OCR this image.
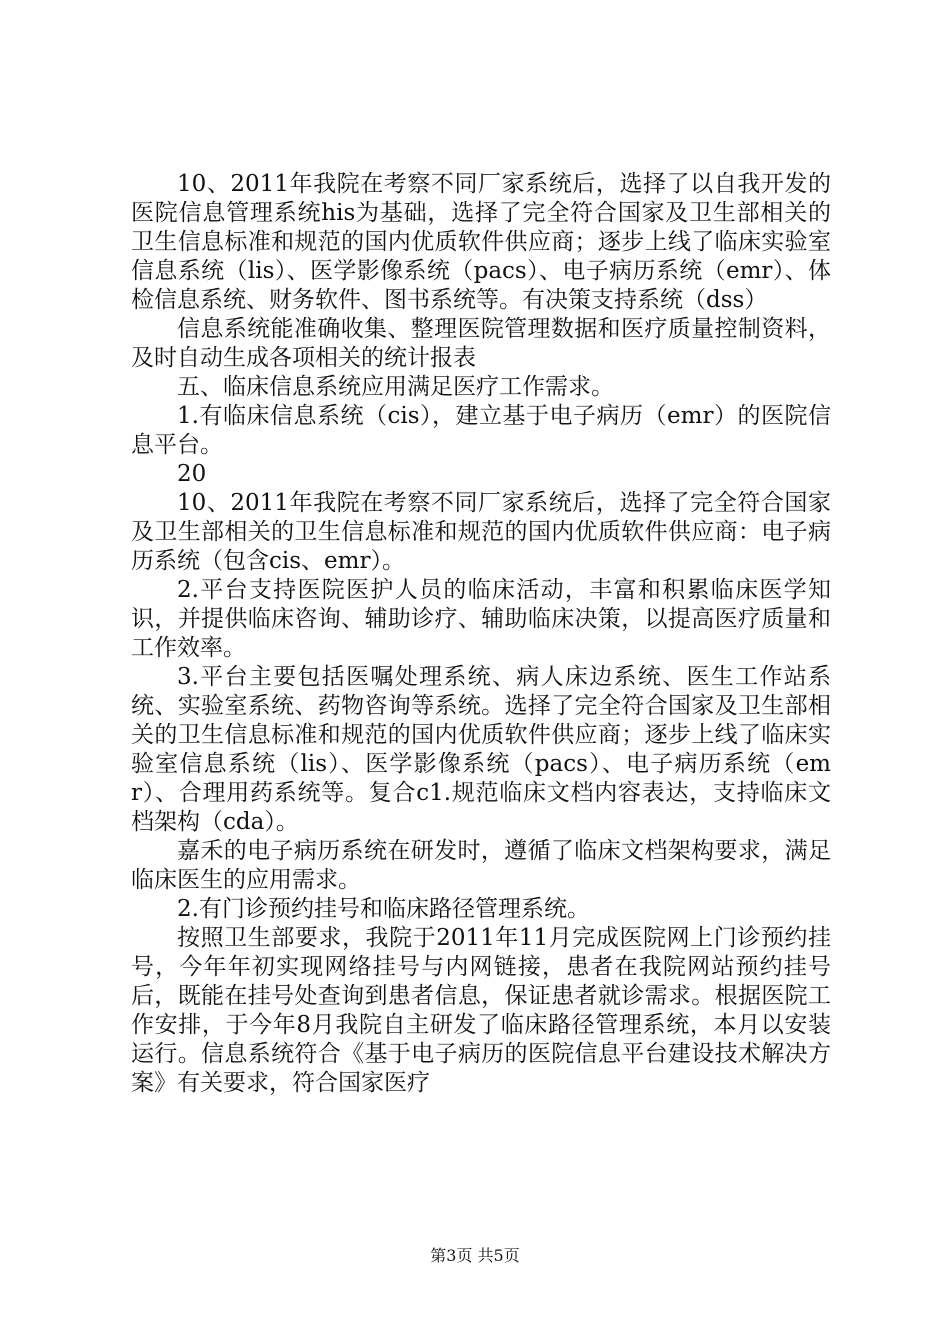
10、2011年我院在考察不同厂家系统后，选择了以自我开发的医院信息管理系统his为基础，选择了完全符合国家及卫生部相关的卫生信息标准和规范的国内优质软件供应商；逐步上线了临床实验室信息系统（lis）、医学影像系统（pacs）、电子病历系统（emr）、体检信息系统、财务软件、图书系统等。有决策支持系统（dss）

信息系统能准确收集、整理医院管理数据和医疗质量控制资料，及时自动生成各项相关的统计报表

五、临床信息系统应用满足医疗工作需求。

1.有临床信息系统（cis），建立基于电子病历（emr）的医院信息平台。

20

10、2011年我院在考察不同厂家系统后，选择了完全符合国家及卫生部相关的卫生信息标准和规范的国内优质软件供应商：电子病历系统（包含cis、emr）。

2.平台支持医院医护人员的临床活动，丰富和积累临床医学知识，并提供临床咨询、辅助诊疗、辅助临床决策，以提高医疗质量和工作效率。

3.平台主要包括医嘱处理系统、病人床边系统、医生工作站系统、实验室系统、药物咨询等系统。选择了完全符合国家及卫生部相关的卫生信息标准和规范的国内优质软件供应商；逐步上线了临床实验室信息系统（lis）、医学影像系统（pacs）、电子病历系统（emr）、合理用药系统等。复合c1.规范临床文档内容表达，支持临床文档架构（cda）。

嘉禾的电子病历系统在研发时，遵循了临床文档架构要求，满足临床医生的应用需求。

2.有门诊预约挂号和临床路径管理系统。

按照卫生部要求，我院于2011年11月完成医院网上门诊预约挂号，今年年初实现网络挂号与内网链接，患者在我院网站预约挂号后，既能在挂号处查询到患者信息，保证患者就诊需求。根据医院工作安排，于今年8月我院自主研发了临床路径管理系统，本月以安装运行。信息系统符合《基于电子病历的医院信息平台建设技术解决方案》有关要求，符合国家医疗

第3页 共5页
